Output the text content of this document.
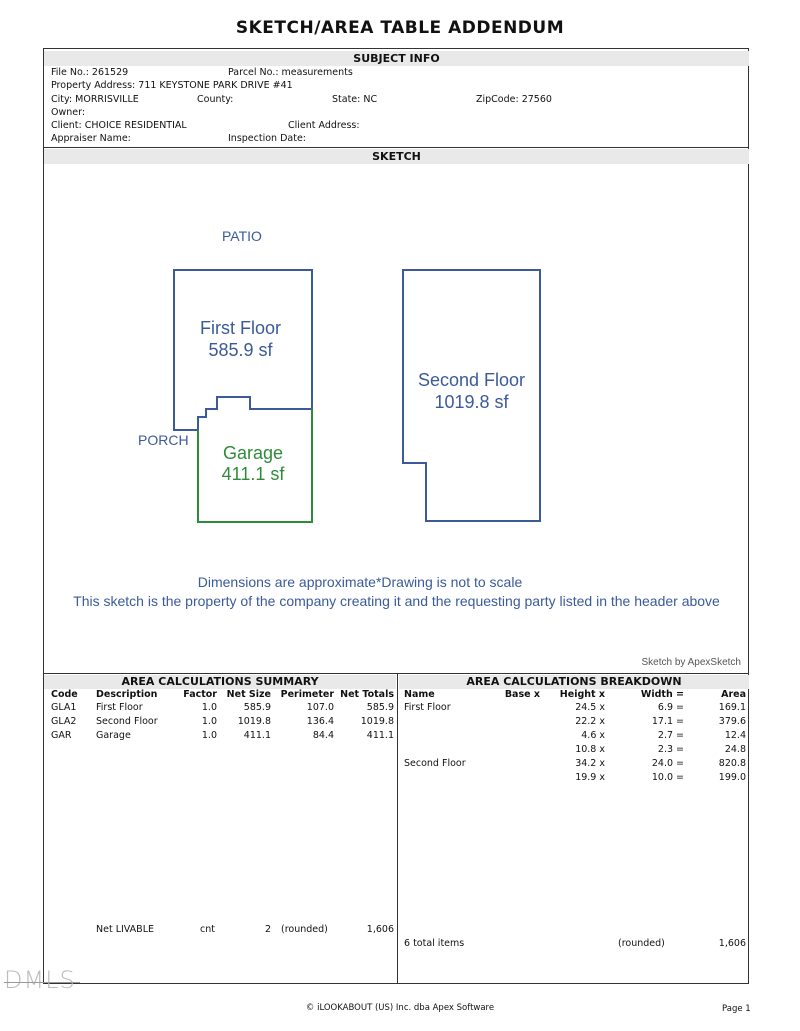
SKETCH/AREA TABLE ADDENDUM
SUBJECT INFO
File No.: 261529	Parcel No.: measurements
Property Address: 711 KEYSTONE PARK DRIVE #41
City: MORRISVILLE	County:	State: NC	ZipCode: 27560
Owner:
Client: CHOICE RESIDENTIAL	Client Address:
Appraiser Name:	Inspection Date:
SKETCH
PATIO
PORCH
First Floor
585.9 sf
Garage
411.1 sf
Second Floor
1019.8 sf
Dimensions are approximate*Drawing is not to scale
This sketch is the property of the company creating it and the requesting party listed in the header above
Sketch by ApexSketch
AREA CALCULATIONS SUMMARY
Code Description	Factor	Net Size	Perimeter Net Totals
GLA1 First Floor	1.0	585.9	107.0	585.9
GLA2 Second Floor	1.0	1019.8	136.4	1019.8
GAR	Garage	1.0	411.1	84.4	411.1
Net LIVABLE	cnt	2 (rounded)	1,606
AREA CALCULATIONS BREAKDOWN
Name	Base x	Height x	Width =	Area
First Floor	24.5 x	6.9 =	169.1
22.2 x	17.1 =	379.6
4.6 x	2.7 =	12.4
10.8 x	2.3 =	24.8
Second Floor	34.2 x	24.0 =	820.8
19.9 x	10.0 =	199.0
6 total items	(rounded)	1,606
DMLS
© iLOOKABOUT (US) Inc. dba Apex Software	Page 1
